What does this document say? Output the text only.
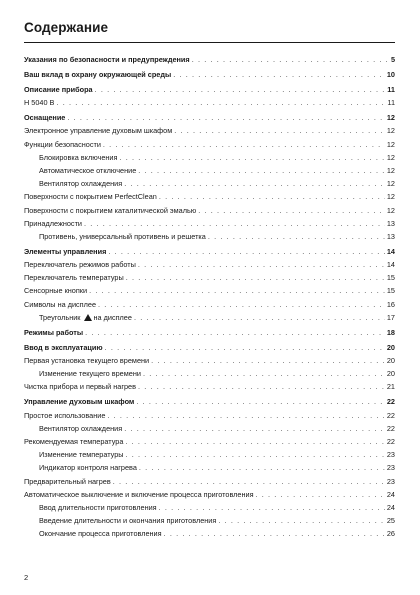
Содержание
Указания по безопасности и предупреждения . . .	5
Ваш вклад в охрану окружающей среды . . .	10
Описание прибора . . .	11
H 5040 B . . .	11
Оснащение . . .	12
Электронное управление духовым шкафом . . .	12
Функции безопасности . . .	12
Блокировка включения . . .	12
Автоматическое отключение . . .	12
Вентилятор охлаждения . . .	12
Поверхности с покрытием PerfectClean . . .	12
Поверхности с покрытием каталитической эмалью . . .	12
Принадлежности . . .	13
Противень, универсальный противень и решетка . . .	13
Элементы управления . . .	14
Переключатель режимов работы . . .	14
Переключатель температуры . . .	15
Сенсорные кнопки . . .	15
Символы на дисплее . . .	16
Треугольник на дисплее . . .	17
Режимы работы . . .	18
Ввод в эксплуатацию . . .	20
Первая установка текущего времени . . .	20
Изменение текущего времени . . .	20
Чистка прибора и первый нагрев . . .	21
Управление духовым шкафом . . .	22
Простое использование . . .	22
Вентилятор охлаждения . . .	22
Рекомендуемая температура . . .	22
Изменение температуры . . .	23
Индикатор контроля нагрева . . .	23
Предварительный нагрев . . .	23
Автоматическое выключение и включение процесса приготовления . . .	24
Ввод длительности приготовления . . .	24
Введение длительности и окончания приготовления . . .	25
Окончание процесса приготовления . . .	26
2
